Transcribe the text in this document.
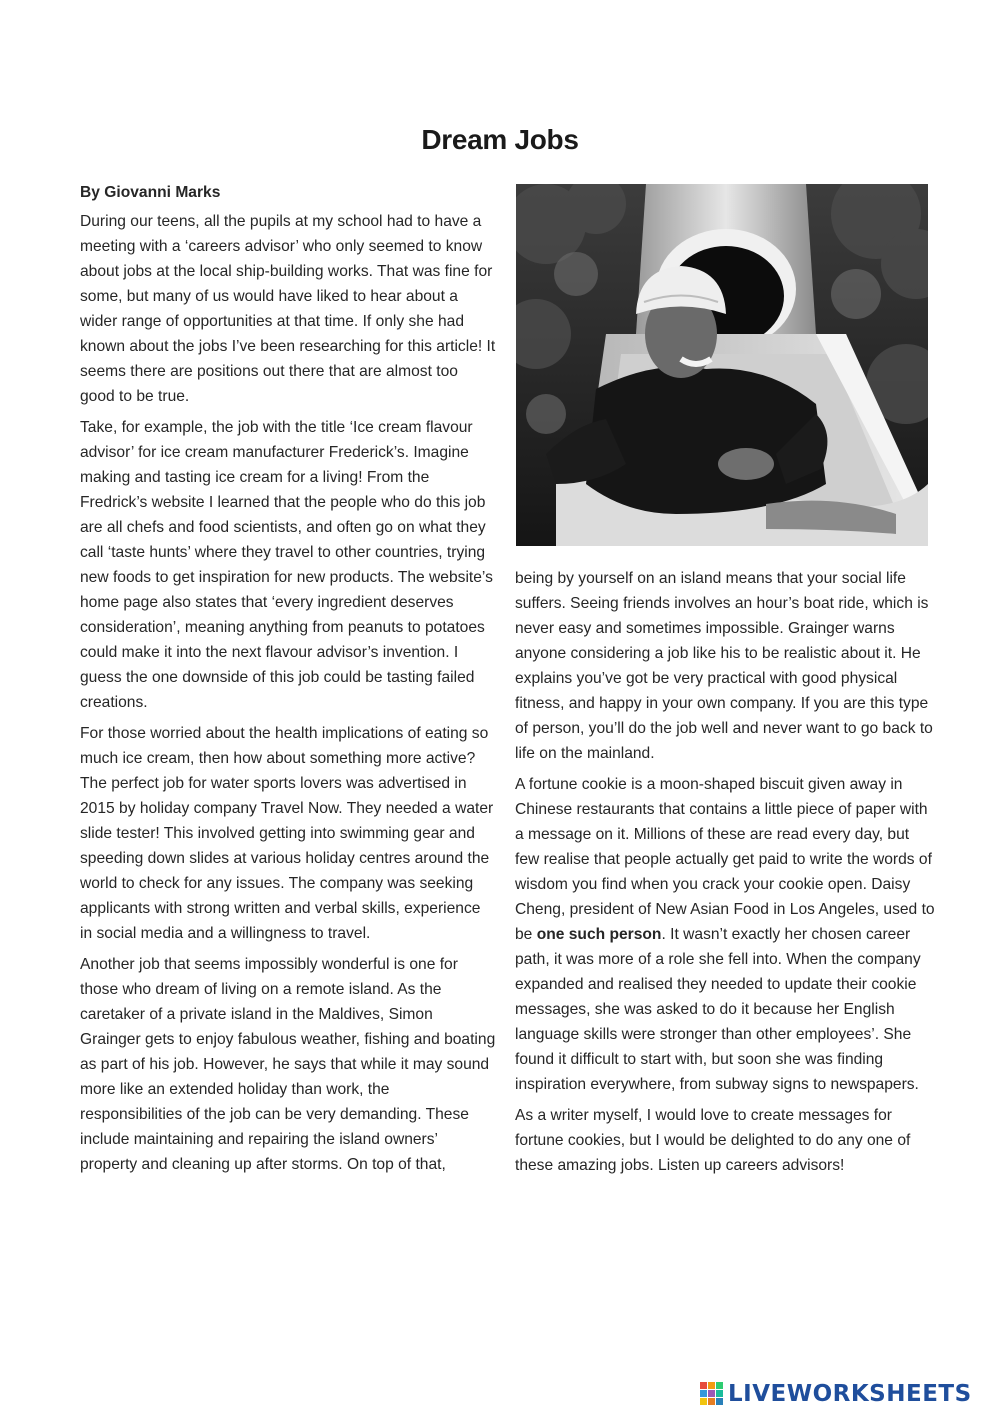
Dream Jobs
By Giovanni Marks

During our teens, all the pupils at my school had to have a meeting with a ‘careers advisor’ who only seemed to know about jobs at the local ship-building works. That was fine for some, but many of us would have liked to hear about a wider range of opportunities at that time. If only she had known about the jobs I’ve been researching for this article! It seems there are positions out there that are almost too good to be true.

Take, for example, the job with the title ‘Ice cream flavour advisor’ for ice cream manufacturer Frederick’s. Imagine making and tasting ice cream for a living! From the Fredrick’s website I learned that the people who do this job are all chefs and food scientists, and often go on what they call ‘taste hunts’ where they travel to other countries, trying new foods to get inspiration for new products. The website’s home page also states that ‘every ingredient deserves consideration’, meaning anything from peanuts to potatoes could make it into the next flavour advisor’s invention. I guess the one downside of this job could be tasting failed creations.

For those worried about the health implications of eating so much ice cream, then how about something more active? The perfect job for water sports lovers was advertised in 2015 by holiday company Travel Now. They needed a water slide tester! This involved getting into swimming gear and speeding down slides at various holiday centres around the world to check for any issues. The company was seeking applicants with strong written and verbal skills, experience in social media and a willingness to travel.

Another job that seems impossibly wonderful is one for those who dream of living on a remote island. As the caretaker of a private island in the Maldives, Simon Grainger gets to enjoy fabulous weather, fishing and boating as part of his job. However, he says that while it may sound more like an extended holiday than work, the responsibilities of the job can be very demanding. These include maintaining and repairing the island owners’ property and cleaning up after storms. On top of that,

being by yourself on an island means that your social life suffers. Seeing friends involves an hour’s boat ride, which is never easy and sometimes impossible. Grainger warns anyone considering a job like his to be realistic about it. He explains you’ve got be very practical with good physical fitness, and happy in your own company. If you are this type of person, you’ll do the job well and never want to go back to life on the mainland.

A fortune cookie is a moon-shaped biscuit given away in Chinese restaurants that contains a little piece of paper with a message on it. Millions of these are read every day, but few realise that people actually get paid to write the words of wisdom you find when you crack your cookie open. Daisy Cheng, president of New Asian Food in Los Angeles, used to be one such person. It wasn’t exactly her chosen career path, it was more of a role she fell into. When the company expanded and realised they needed to update their cookie messages, she was asked to do it because her English language skills were stronger than other employees’. She found it difficult to start with, but soon she was finding inspiration everywhere, from subway signs to newspapers.

As a writer myself, I would love to create messages for fortune cookies, but I would be delighted to do any one of these amazing jobs. Listen up careers advisors!

LIVEWORKSHEETS
